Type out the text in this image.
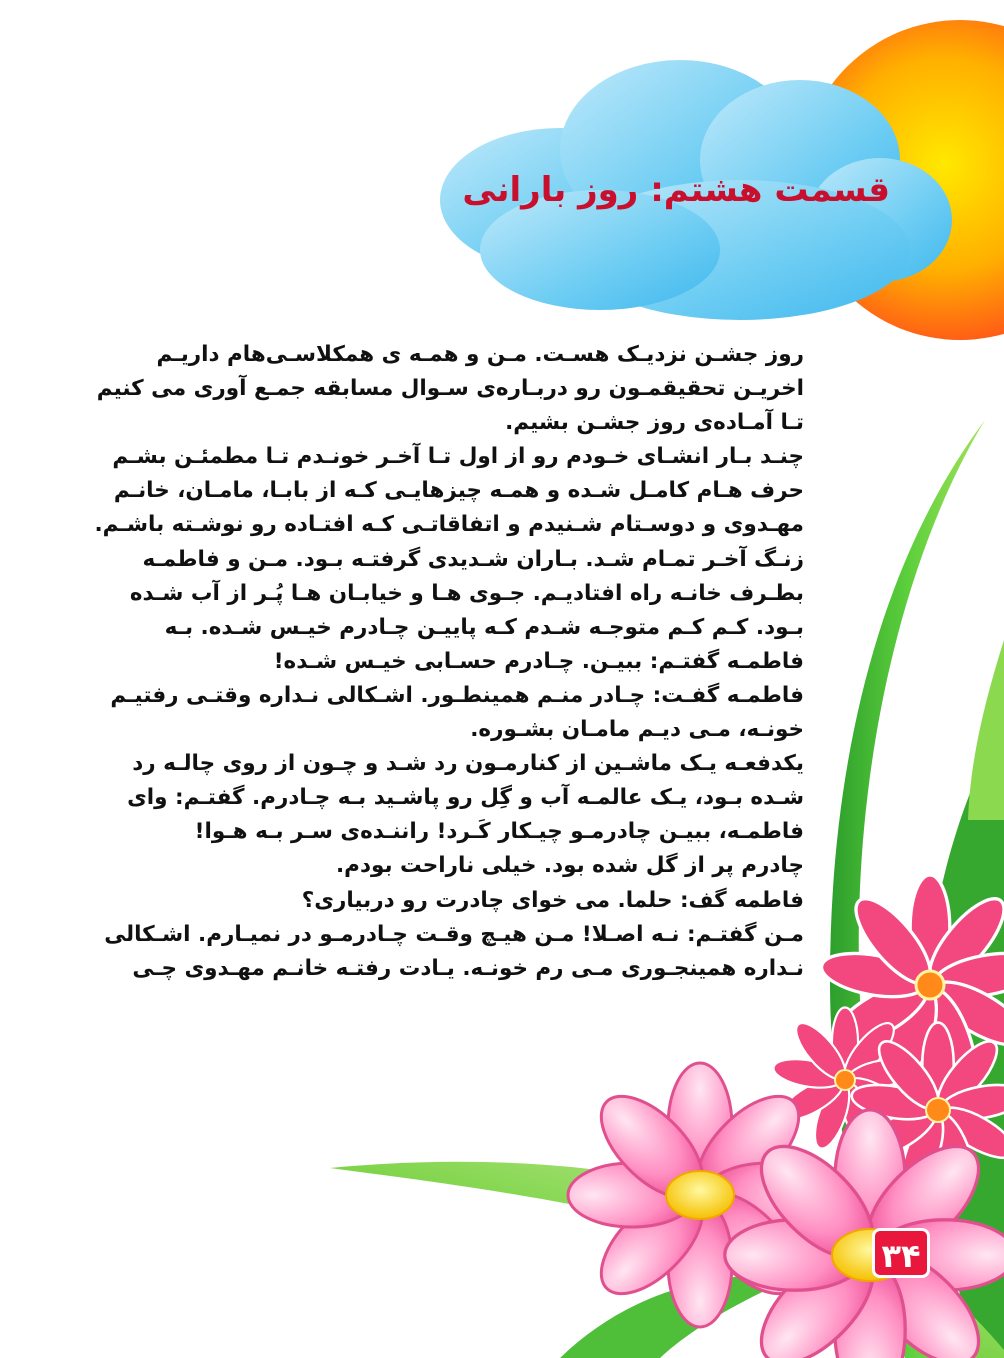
قسمت هشتم: روز بارانی
روز جشـن نزدیـک هسـت. مـن و همـه ی همکلاسـی‌هام داریـم
اخریـن تحقیقمـون رو دربـاره‌ی سـوال مسابقه جمـع آوری می کنیم
تـا آمـاده‌ی روز جشـن بشیم.
چنـد بـار انشـای خـودم رو از اول تـا آخـر خونـدم تـا مطمئـن بشـم
حرف هـام کامـل شـده و همـه چیزهایـی کـه از بابـا، مامـان، خانـم
مهـدوی و دوسـتام شـنیدم و اتفاقاتـی کـه افتـاده رو نوشـته باشـم.
زنـگ آخـر تمـام شـد. بـاران شـدیدی گرفتـه بـود. مـن و فاطمـه
بطـرف خانـه راه افتادیـم. جـوی هـا و خیابـان هـا پُـر از آب شـده
بـود. کـم کـم متوجـه شـدم کـه پاییـن چـادرم خیـس شـده. بـه
فاطمـه گفتـم: ببیـن. چـادرم حسـابی خیـس شـده!
فاطمـه گفـت: چـادر منـم همینطـور. اشـکالی نـداره وقتـی رفتیـم
خونـه، مـی دیـم مامـان بشـوره.
یکدفعـه یـک ماشـین از کنارمـون رد شـد و چـون از روی چالـه رد
شـده بـود، یـک عالمـه آب و گِل رو پاشـید بـه چـادرم. گفتـم: وای
فاطمـه، ببیـن چادرمـو چیـکار کَـرد! راننـده‌ی سـر بـه هـوا!
چادرم پر از گل شده بود. خیلی ناراحت بودم.
فاطمه گف: حلما. می خوای چادرت رو دربیاری؟
مـن گفتـم: نـه اصـلا! مـن هیـچ وقـت چـادرمـو در نمیـارم. اشـکالی
نـداره همینجـوری مـی رم خونـه. یـادت رفتـه خانـم مهـدوی چـی
۳۴
